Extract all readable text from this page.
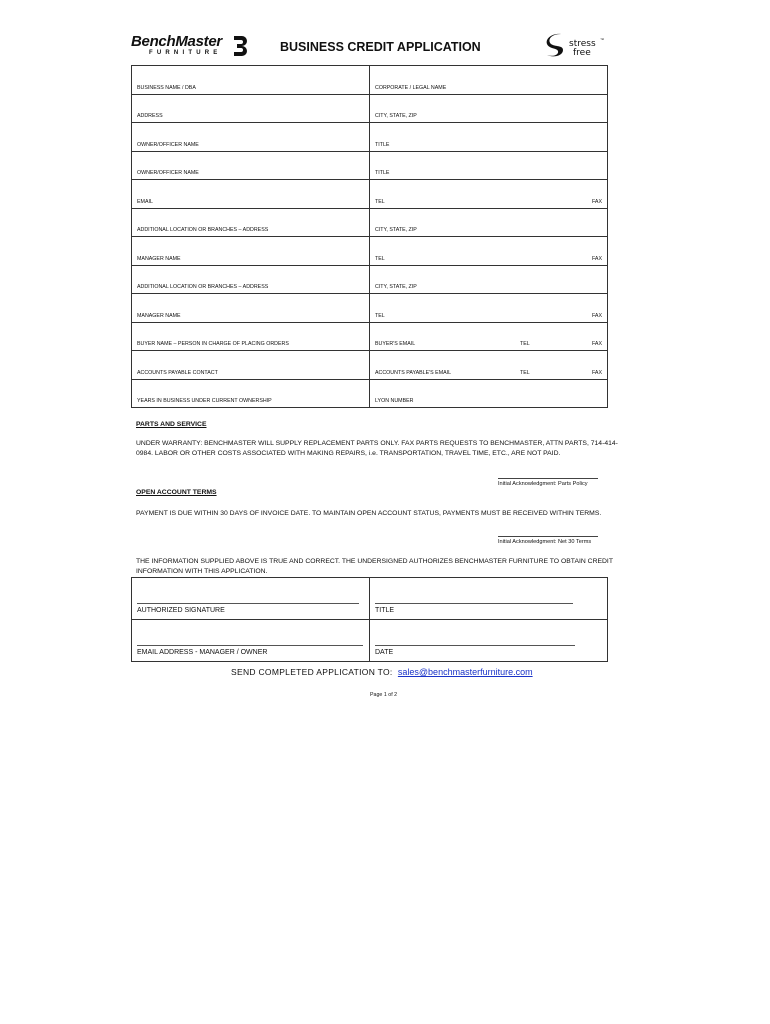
BenchMaster
FURNITURE	BUSINESS CREDIT APPLICATION	stress ™
free
BUSINESS NAME / DBA	CORPORATE / LEGAL NAME

ADDRESS	CITY, STATE, ZIP

OWNER/OFFICER NAME	TITLE

OWNER/OFFICER NAME	TITLE

EMAIL	TEL FAX

ADDITIONAL LOCATION OR BRANCHES – ADDRESS	CITY, STATE, ZIP

MANAGER NAME	TEL FAX

ADDITIONAL LOCATION OR BRANCHES – ADDRESS	CITY, STATE, ZIP

MANAGER NAME	TEL FAX

BUYER NAME – PERSON IN CHARGE OF PLACING ORDERS	BUYER'S EMAIL TEL FAX

ACCOUNTS PAYABLE CONTACT	ACCOUNTS PAYABLE'S EMAIL TEL FAX

YEARS IN BUSINESS UNDER CURRENT OWNERSHIP	LYON NUMBER
PARTS AND SERVICE
UNDER WARRANTY: BENCHMASTER WILL SUPPLY REPLACEMENT PARTS ONLY. FAX PARTS REQUESTS TO BENCHMASTER, ATTN PARTS, 714-414-0984. LABOR OR OTHER COSTS ASSOCIATED WITH MAKING REPAIRS, i.e. TRANSPORTATION, TRAVEL TIME, ETC., ARE NOT PAID.
Initial Acknowledgment: Parts Policy
OPEN ACCOUNT TERMS
PAYMENT IS DUE WITHIN 30 DAYS OF INVOICE DATE. TO MAINTAIN OPEN ACCOUNT STATUS, PAYMENTS MUST BE RECEIVED WITHIN TERMS.
Initial Acknowledgment: Net 30 Terms
THE INFORMATION SUPPLIED ABOVE IS TRUE AND CORRECT. THE UNDERSIGNED AUTHORIZES BENCHMASTER FURNITURE TO OBTAIN CREDIT INFORMATION WITH THIS APPLICATION.
AUTHORIZED SIGNATURE	TITLE

EMAIL ADDRESS - MANAGER / OWNER	DATE
SEND COMPLETED APPLICATION TO: sales@benchmasterfurniture.com
Page 1 of 2
